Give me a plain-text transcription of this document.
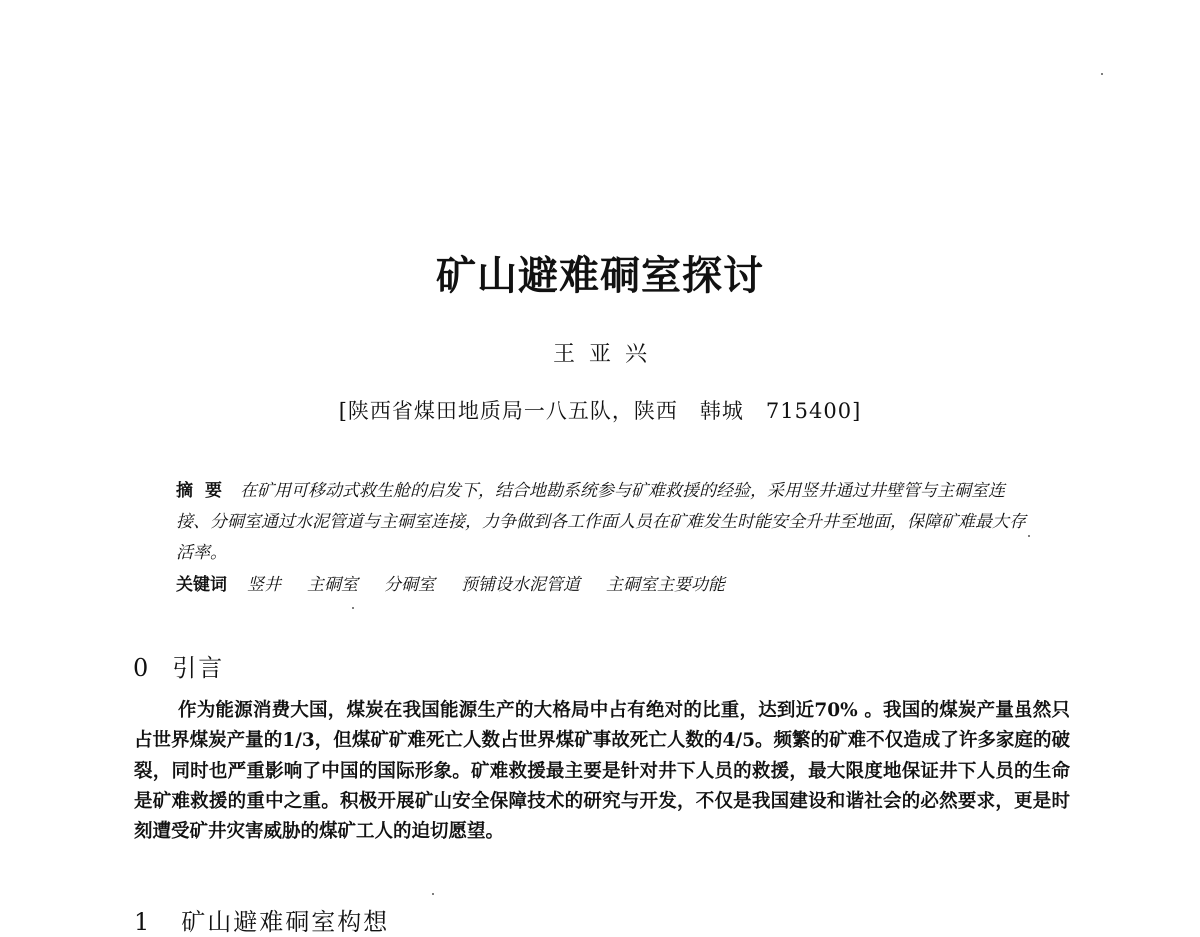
矿山避难硐室探讨
王亚兴
[陕西省煤田地质局一八五队，陕西　韩城　715400]
摘要 在矿用可移动式救生舱的启发下，结合地勘系统参与矿难救援的经验，采用竖井通过井壁管与主硐室连接、分硐室通过水泥管道与主硐室连接，力争做到各工作面人员在矿难发生时能安全升井至地面，保障矿难最大存活率。
关键词 竖井 主硐室 分硐室 预铺设水泥管道 主硐室主要功能
0 引言
作为能源消费大国，煤炭在我国能源生产的大格局中占有绝对的比重，达到近70% 。我国的煤炭产量虽然只占世界煤炭产量的1/3，但煤矿矿难死亡人数占世界煤矿事故死亡人数的4/5。频繁的矿难不仅造成了许多家庭的破裂，同时也严重影响了中国的国际形象。矿难救援最主要是针对井下人员的救援，最大限度地保证井下人员的生命是矿难救援的重中之重。积极开展矿山安全保障技术的研究与开发，不仅是我国建设和谐社会的必然要求，更是时刻遭受矿井灾害威胁的煤矿工人的迫切愿望。
1 矿山避难硐室构想
